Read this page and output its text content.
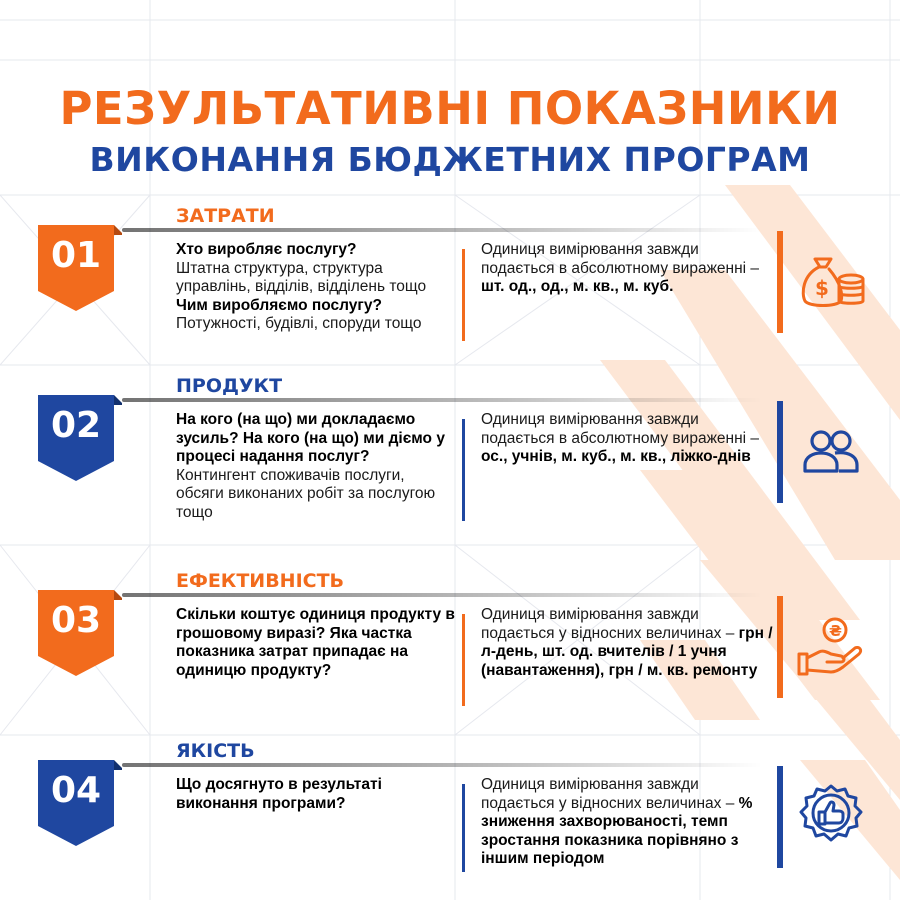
РЕЗУЛЬТАТИВНІ ПОКАЗНИКИ
ВИКОНАННЯ БЮДЖЕТНИХ ПРОГРАМ
ЗАТРАТИ
01	Хто виробляє послугу?
Штатна структура, структура управлінь, відділів, відділень тощо
Чим виробляємо послугу?
Потужності, будівлі, споруди тощо
Одиниця вимірювання завжди подається в абсолютному вираженні –
шт. од., од., м. кв., м. куб.	$
ПРОДУКТ
02	На кого (на що) ми докладаємо зусиль? На кого (на що) ми діємо у процесі надання послуг?
Контингент споживачів послуги, обсяги виконаних робіт за послугою тощо
Одиниця вимірювання завжди подається в абсолютному вираженні –
ос., учнів, м. куб., м. кв., ліжко-днів
ЕФЕКТИВНІСТЬ
03	Скільки коштує одиниця продукту в грошовому виразі? Яка частка показника затрат припадає на одиницю продукту?
Одиниця вимірювання завжди подається у відносних величинах – грн /л-день, шт. од. вчителів / 1 учня (навантаження), грн / м. кв. ремонту
₴
ЯКІСТЬ
04	Що досягнуто в результаті виконання програми?
Одиниця вимірювання завжди подається у відносних величинах – % зниження захворюваності, темп зростання показника порівняно з іншим періодом
